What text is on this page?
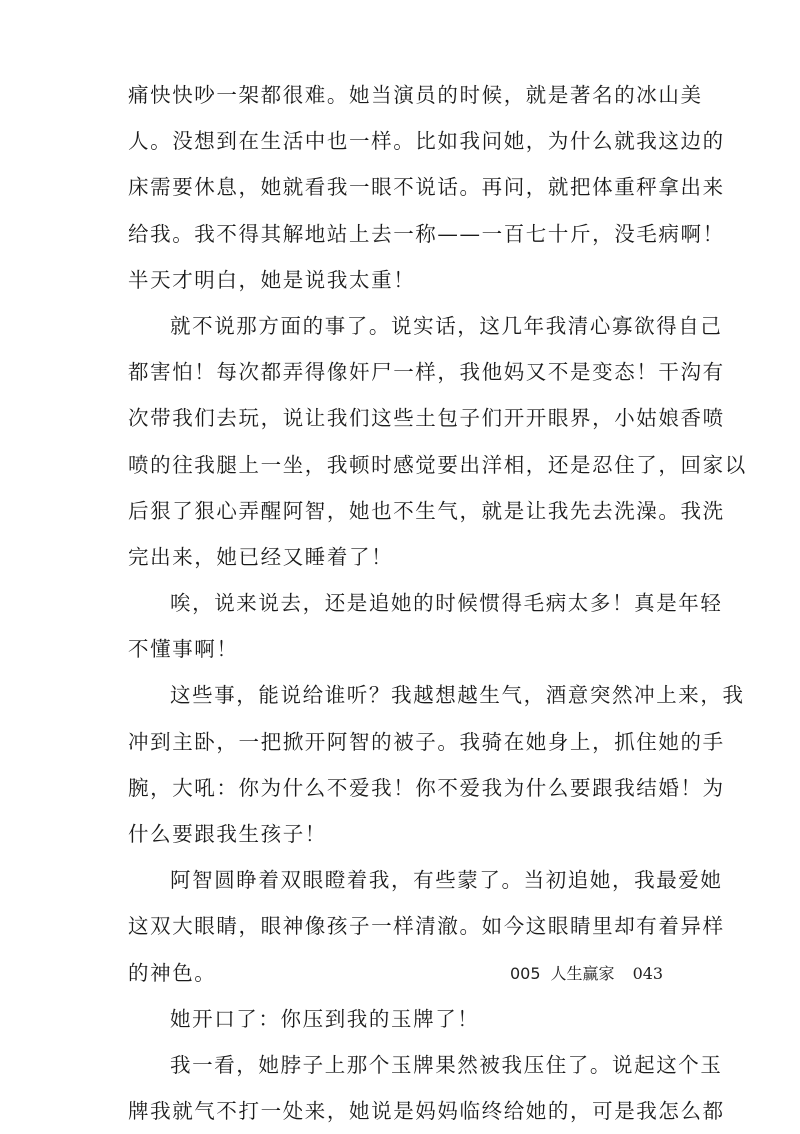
痛快快吵一架都很难。她当演员的时候，就是著名的冰山美
人。没想到在生活中也一样。比如我问她，为什么就我这边的
床需要休息，她就看我一眼不说话。再问，就把体重秤拿出来
给我。我不得其解地站上去一称——一百七十斤，没毛病啊！
半天才明白，她是说我太重！
就不说那方面的事了。说实话，这几年我清心寡欲得自己
都害怕！每次都弄得像奸尸一样，我他妈又不是变态！干沟有
次带我们去玩，说让我们这些土包子们开开眼界，小姑娘香喷
喷的往我腿上一坐，我顿时感觉要出洋相，还是忍住了，回家以
后狠了狠心弄醒阿智，她也不生气，就是让我先去洗澡。我洗
完出来，她已经又睡着了！
唉，说来说去，还是追她的时候惯得毛病太多！真是年轻
不懂事啊！
这些事，能说给谁听？我越想越生气，酒意突然冲上来，我
冲到主卧，一把掀开阿智的被子。我骑在她身上，抓住她的手
腕，大吼：你为什么不爱我！你不爱我为什么要跟我结婚！为
什么要跟我生孩子！
阿智圆睁着双眼瞪着我，有些蒙了。当初追她，我最爱她
这双大眼睛，眼神像孩子一样清澈。如今这眼睛里却有着异样
的神色。
她开口了：你压到我的玉牌了！
我一看，她脖子上那个玉牌果然被我压住了。说起这个玉
牌我就气不打一处来，她说是妈妈临终给她的，可是我怎么都
005 人生赢家 043
